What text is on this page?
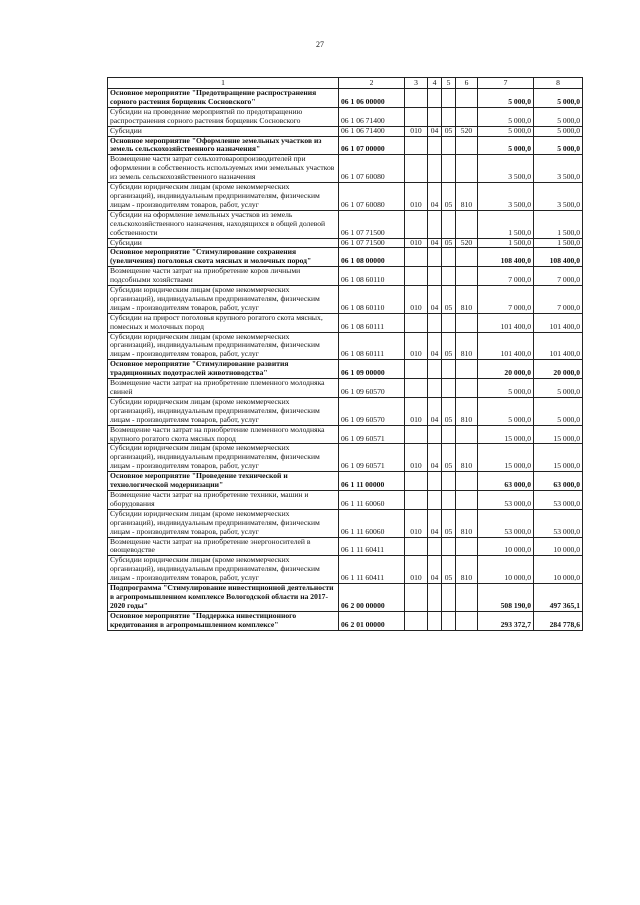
27
1	2	3	4	5	6	7	8
Основное мероприятие "Предотвращение распространения сорного растения борщевик Сосновского"	06 1 06 00000					5 000,0	5 000,0
Субсидии на проведение мероприятий по предотвращению распространения сорного растения борщевик Сосновского	06 1 06 71400					5 000,0	5 000,0
Субсидии	06 1 06 71400	010	04	05	520	5 000,0	5 000,0
Основное мероприятие "Оформление земельных участков из земель сельскохозяйственного назначения"	06 1 07 00000					5 000,0	5 000,0
Возмещение части затрат сельхозтоваропроизводителей при оформлении в собственность используемых ими земельных участков из земель сельскохозяйственного назначения	06 1 07 60080					3 500,0	3 500,0
Субсидии юридическим лицам (кроме некоммерческих организаций), индивидуальным предпринимателям, физическим лицам - производителям товаров, работ, услуг	06 1 07 60080	010	04	05	810	3 500,0	3 500,0
Субсидии на оформление земельных участков из земель сельскохозяйственного назначения, находящихся в общей долевой собственности	06 1 07 71500					1 500,0	1 500,0
Субсидии	06 1 07 71500	010	04	05	520	1 500,0	1 500,0
Основное мероприятие "Стимулирование сохранения (увеличения) поголовья скота мясных и молочных пород"	06 1 08 00000					108 400,0	108 400,0
Возмещение части затрат на приобретение коров личными подсобными хозяйствами	06 1 08 60110					7 000,0	7 000,0
Субсидии юридическим лицам (кроме некоммерческих организаций), индивидуальным предпринимателям, физическим лицам - производителям товаров, работ, услуг	06 1 08 60110	010	04	05	810	7 000,0	7 000,0
Субсидии на прирост поголовья крупного рогатого скота мясных, помесных и молочных пород	06 1 08 60111					101 400,0	101 400,0
Субсидии юридическим лицам (кроме некоммерческих организаций), индивидуальным предпринимателям, физическим лицам - производителям товаров, работ, услуг	06 1 08 60111	010	04	05	810	101 400,0	101 400,0
Основное мероприятие "Стимулирование развития традиционных подотраслей животноводства"	06 1 09 00000					20 000,0	20 000,0
Возмещение части затрат на приобретение племенного молодняка свиней	06 1 09 60570					5 000,0	5 000,0
Субсидии юридическим лицам (кроме некоммерческих организаций), индивидуальным предпринимателям, физическим лицам - производителям товаров, работ, услуг	06 1 09 60570	010	04	05	810	5 000,0	5 000,0
Возмещение части затрат на приобретение племенного молодняка крупного рогатого скота мясных пород	06 1 09 60571					15 000,0	15 000,0
Субсидии юридическим лицам (кроме некоммерческих организаций), индивидуальным предпринимателям, физическим лицам - производителям товаров, работ, услуг	06 1 09 60571	010	04	05	810	15 000,0	15 000,0
Основное мероприятие "Проведение технической и технологической модернизации"	06 1 11 00000					63 000,0	63 000,0
Возмещение части затрат на приобретение техники, машин и оборудования	06 1 11 60060					53 000,0	53 000,0
Субсидии юридическим лицам (кроме некоммерческих организаций), индивидуальным предпринимателям, физическим лицам - производителям товаров, работ, услуг	06 1 11 60060	010	04	05	810	53 000,0	53 000,0
Возмещение части затрат на приобретение энергоносителей в овощеводстве	06 1 11 60411					10 000,0	10 000,0
Субсидии юридическим лицам (кроме некоммерческих организаций), индивидуальным предпринимателям, физическим лицам - производителям товаров, работ, услуг	06 1 11 60411	010	04	05	810	10 000,0	10 000,0
Подпрограмма "Стимулирование инвестиционной деятельности в агропромышленном комплексе Вологодской области на 2017-2020 годы"	06 2 00 00000					508 190,0	497 365,1
Основное мероприятие "Поддержка инвестиционного кредитования в агропромышленном комплексе"	06 2 01 00000					293 372,7	284 778,6
